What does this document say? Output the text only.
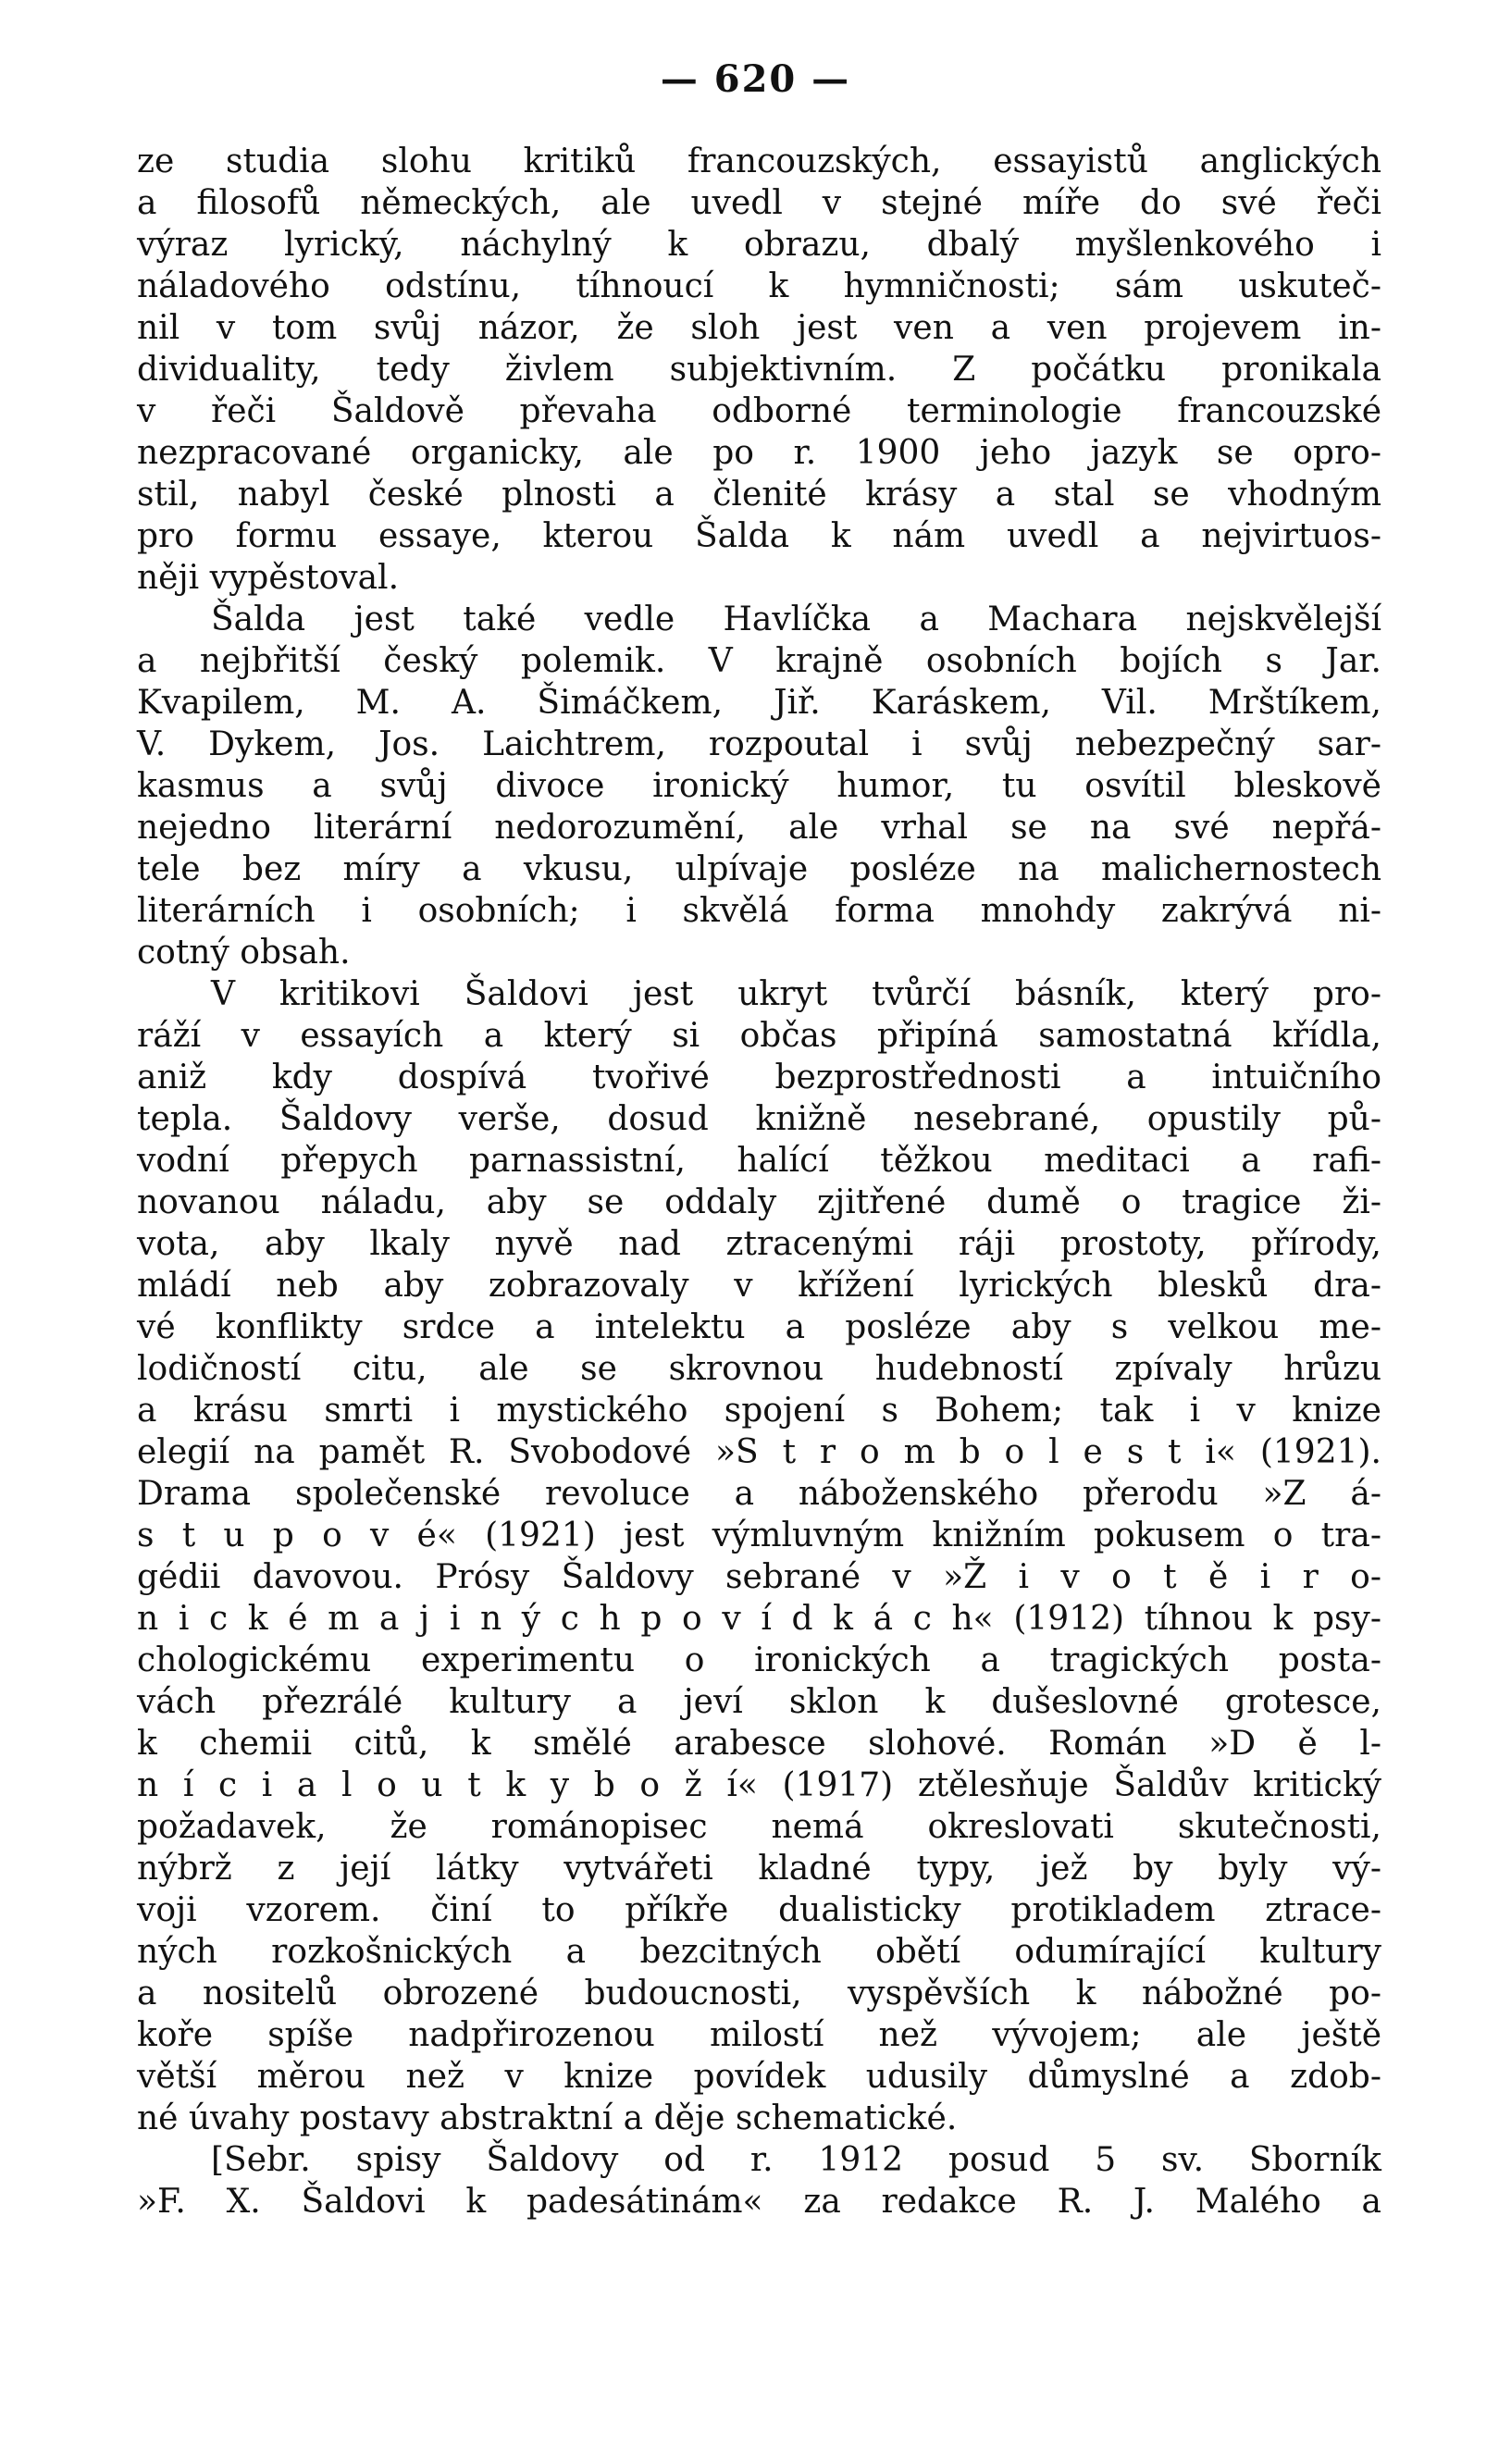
— 620 —
ze studia slohu kritiků francouzských, essayistů anglických
a filosofů německých, ale uvedl v stejné míře do své řeči
výraz lyrický, náchylný k obrazu, dbalý myšlenkového i
náladového odstínu, tíhnoucí k hymničnosti; sám uskuteč-
nil v tom svůj názor, že sloh jest ven a ven projevem in-
dividuality, tedy živlem subjektivním. Z počátku pronikala
v řeči Šaldově převaha odborné terminologie francouzské
nezpracované organicky, ale po r. 1900 jeho jazyk se opro-
stil, nabyl české plnosti a členité krásy a stal se vhodným
pro formu essaye, kterou Šalda k nám uvedl a nejvirtuos-
něji vypěstoval.
Šalda jest také vedle Havlíčka a Machara nejskvělejší
a nejbřitší český polemik. V krajně osobních bojích s Jar.
Kvapilem, M. A. Šimáčkem, Jiř. Karáskem, Vil. Mrštíkem,
V. Dykem, Jos. Laichtrem, rozpoutal i svůj nebezpečný sar-
kasmus a svůj divoce ironický humor, tu osvítil bleskově
nejedno literární nedorozumění, ale vrhal se na své nepřá-
tele bez míry a vkusu, ulpívaje posléze na malichernostech
literárních i osobních; i skvělá forma mnohdy zakrývá ni-
cotný obsah.
V kritikovi Šaldovi jest ukryt tvůrčí básník, který pro-
ráží v essayích a který si občas připíná samostatná křídla,
aniž kdy dospívá tvořivé bezprostřednosti a intuičního
tepla. Šaldovy verše, dosud knižně nesebrané, opustily pů-
vodní přepych parnassistní, halící těžkou meditaci a rafi-
novanou náladu, aby se oddaly zjitřené dumě o tragice ži-
vota, aby lkaly nyvě nad ztracenými ráji prostoty, přírody,
mládí neb aby zobrazovaly v křížení lyrických blesků dra-
vé konflikty srdce a intelektu a posléze aby s velkou me-
lodičností citu, ale se skrovnou hudebností zpívaly hrůzu
a krásu smrti i mystického spojení s Bohem; tak i v knize
elegií na pamět R. Svobodové »S t r o m b o l e s t i« (1921).
Drama společenské revoluce a náboženského přerodu »Z á-
s t u p o v é« (1921) jest výmluvným knižním pokusem o tra-
gédii davovou. Prósy Šaldovy sebrané v »Ž i v o t ě i r o-
n i c k é m a j i n ý c h p o v í d k á c h« (1912) tíhnou k psy-
chologickému experimentu o ironických a tragických posta-
vách přezrálé kultury a jeví sklon k dušeslovné grotesce,
k chemii citů, k smělé arabesce slohové. Román »D ě l-
n í c i a l o u t k y b o ž í« (1917) ztělesňuje Šaldův kritický
požadavek, že románopisec nemá okreslovati skutečnosti,
nýbrž z její látky vytvářeti kladné typy, jež by byly vý-
voji vzorem. činí to příkře dualisticky protikladem ztrace-
ných rozkošnických a bezcitných obětí odumírající kultury
a nositelů obrozené budoucnosti, vyspěvších k nábožné po-
koře spíše nadpřirozenou milostí než vývojem; ale ještě
větší měrou než v knize povídek udusily důmyslné a zdob-
né úvahy postavy abstraktní a děje schematické.
[Sebr. spisy Šaldovy od r. 1912 posud 5 sv. Sborník
»F. X. Šaldovi k padesátinám« za redakce R. J. Malého a
